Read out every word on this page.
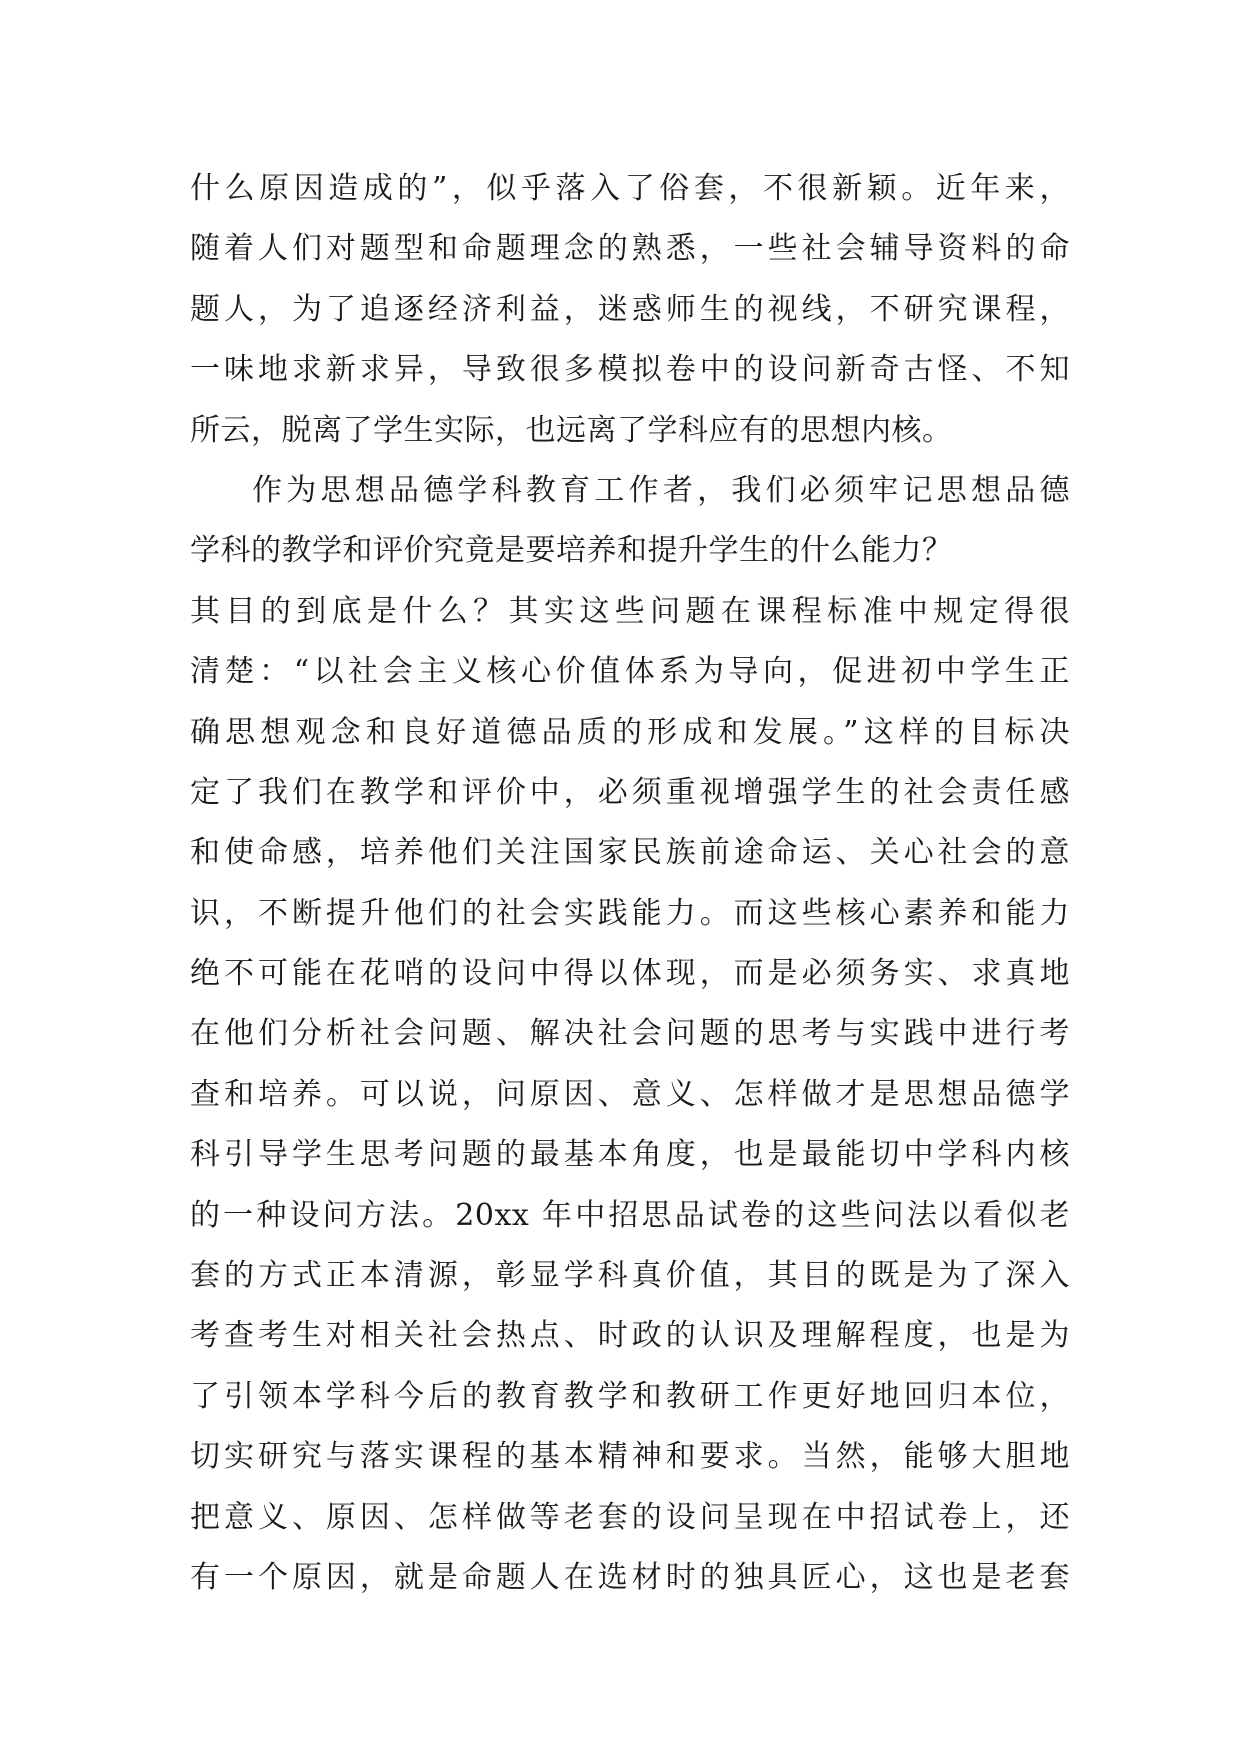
什么原因造成的”，似乎落入了俗套，不很新颖。近年来，
随着人们对题型和命题理念的熟悉，一些社会辅导资料的命
题人，为了追逐经济利益，迷惑师生的视线，不研究课程，
一味地求新求异，导致很多模拟卷中的设问新奇古怪、不知
所云，脱离了学生实际，也远离了学科应有的思想内核。
作为思想品德学科教育工作者，我们必须牢记思想品德
学科的教学和评价究竟是要培养和提升学生的什么能力？
其目的到底是什么？其实这些问题在课程标准中规定得很
清楚：“以社会主义核心价值体系为导向，促进初中学生正
确思想观念和良好道德品质的形成和发展。”这样的目标决
定了我们在教学和评价中，必须重视增强学生的社会责任感
和使命感，培养他们关注国家民族前途命运、关心社会的意
识，不断提升他们的社会实践能力。而这些核心素养和能力
绝不可能在花哨的设问中得以体现，而是必须务实、求真地
在他们分析社会问题、解决社会问题的思考与实践中进行考
查和培养。可以说，问原因、意义、怎样做才是思想品德学
科引导学生思考问题的最基本角度，也是最能切中学科内核
的一种设问方法。20xx 年中招思品试卷的这些问法以看似老
套的方式正本清源，彰显学科真价值，其目的既是为了深入
考查考生对相关社会热点、时政的认识及理解程度，也是为
了引领本学科今后的教育教学和教研工作更好地回归本位，
切实研究与落实课程的基本精神和要求。当然，能够大胆地
把意义、原因、怎样做等老套的设问呈现在中招试卷上，还
有一个原因，就是命题人在选材时的独具匠心，这也是老套
